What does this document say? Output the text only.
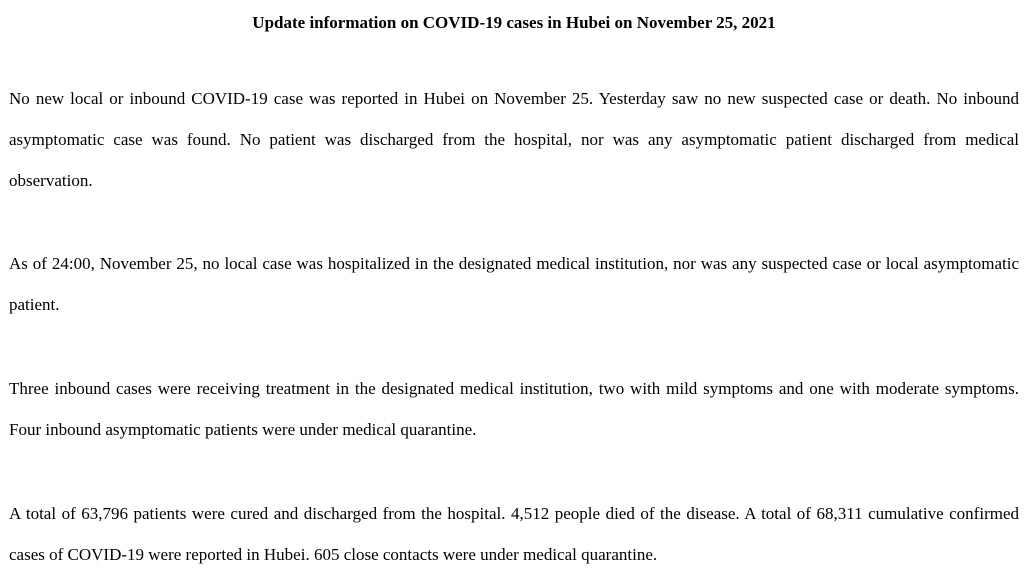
Update information on COVID-19 cases in Hubei on November 25, 2021

No new local or inbound COVID-19 case was reported in Hubei on November 25. Yesterday saw no new suspected case or death. No inbound asymptomatic case was found. No patient was discharged from the hospital, nor was any asymptomatic patient discharged from medical observation.

As of 24:00, November 25, no local case was hospitalized in the designated medical institution, nor was any suspected case or local asymptomatic patient.

Three inbound cases were receiving treatment in the designated medical institution, two with mild symptoms and one with moderate symptoms. Four inbound asymptomatic patients were under medical quarantine.

A total of 63,796 patients were cured and discharged from the hospital. 4,512 people died of the disease. A total of 68,311 cumulative confirmed cases of COVID-19 were reported in Hubei. 605 close contacts were under medical quarantine.
